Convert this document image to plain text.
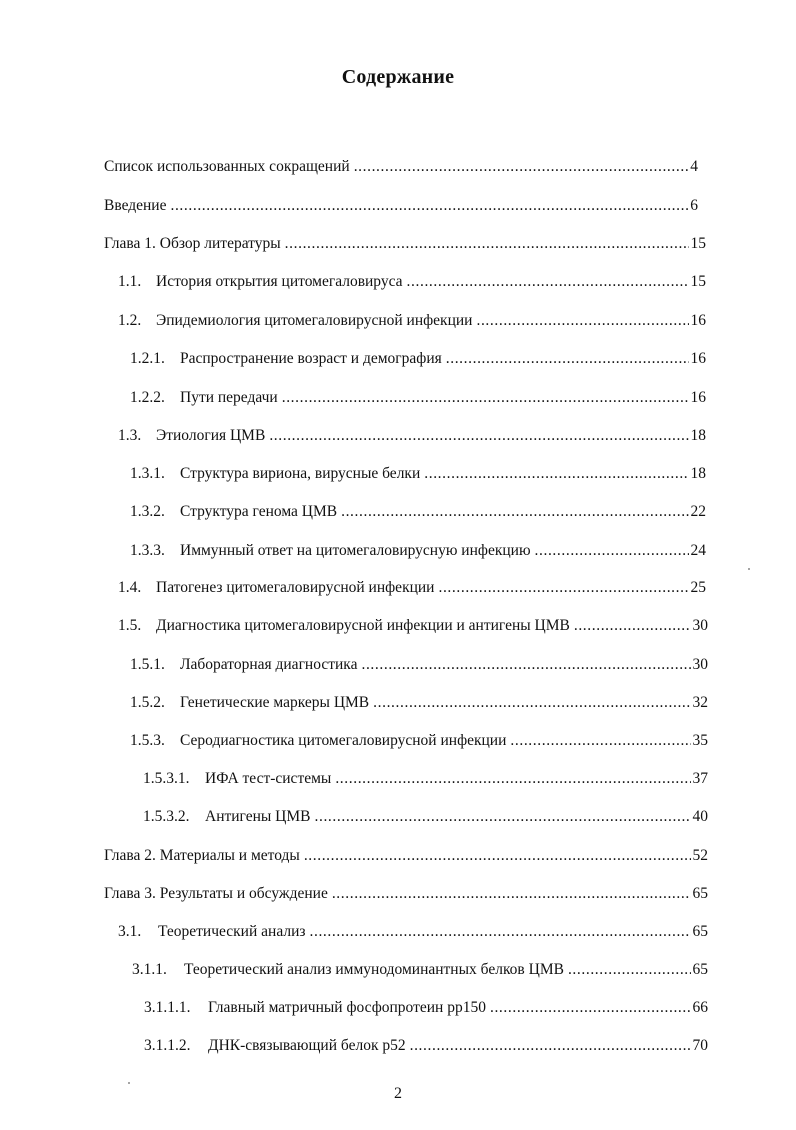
Содержание
Список использованных сокращений .....	4
Введение .....	6
Глава 1. Обзор литературы .....	15
1.1. История открытия цитомегаловируса .....	15
1.2. Эпидемиология цитомегаловирусной инфекции .....	16
1.2.1. Распространение возраст и демография .....	16
1.2.2. Пути передачи .....	16
1.3. Этиология ЦМВ .....	18
1.3.1. Структура вириона, вирусные белки .....	18
1.3.2. Структура генома ЦМВ .....	22
1.3.3. Иммунный ответ на цитомегаловирусную инфекцию .....	24
1.4. Патогенез цитомегаловирусной инфекции .....	25
1.5. Диагностика цитомегаловирусной инфекции и антигены ЦМВ .....	30
1.5.1. Лабораторная диагностика .....	30
1.5.2. Генетические маркеры ЦМВ .....	32
1.5.3. Серодиагностика цитомегаловирусной инфекции .....	35
1.5.3.1.	ИФА тест-системы .....	37
1.5.3.2.	Антигены ЦМВ .....	40
Глава 2. Материалы и методы .....	52
Глава 3. Результаты и обсуждение .....	65
3.1.	Теоретический анализ .....	65
3.1.1.	Теоретический анализ иммунодоминантных белков ЦМВ .....	65
3.1.1.1.	Главный матричный фосфопротеин pp150 .....	66
3.1.1.2.	ДНК-связывающий белок p52 .....	70
2
